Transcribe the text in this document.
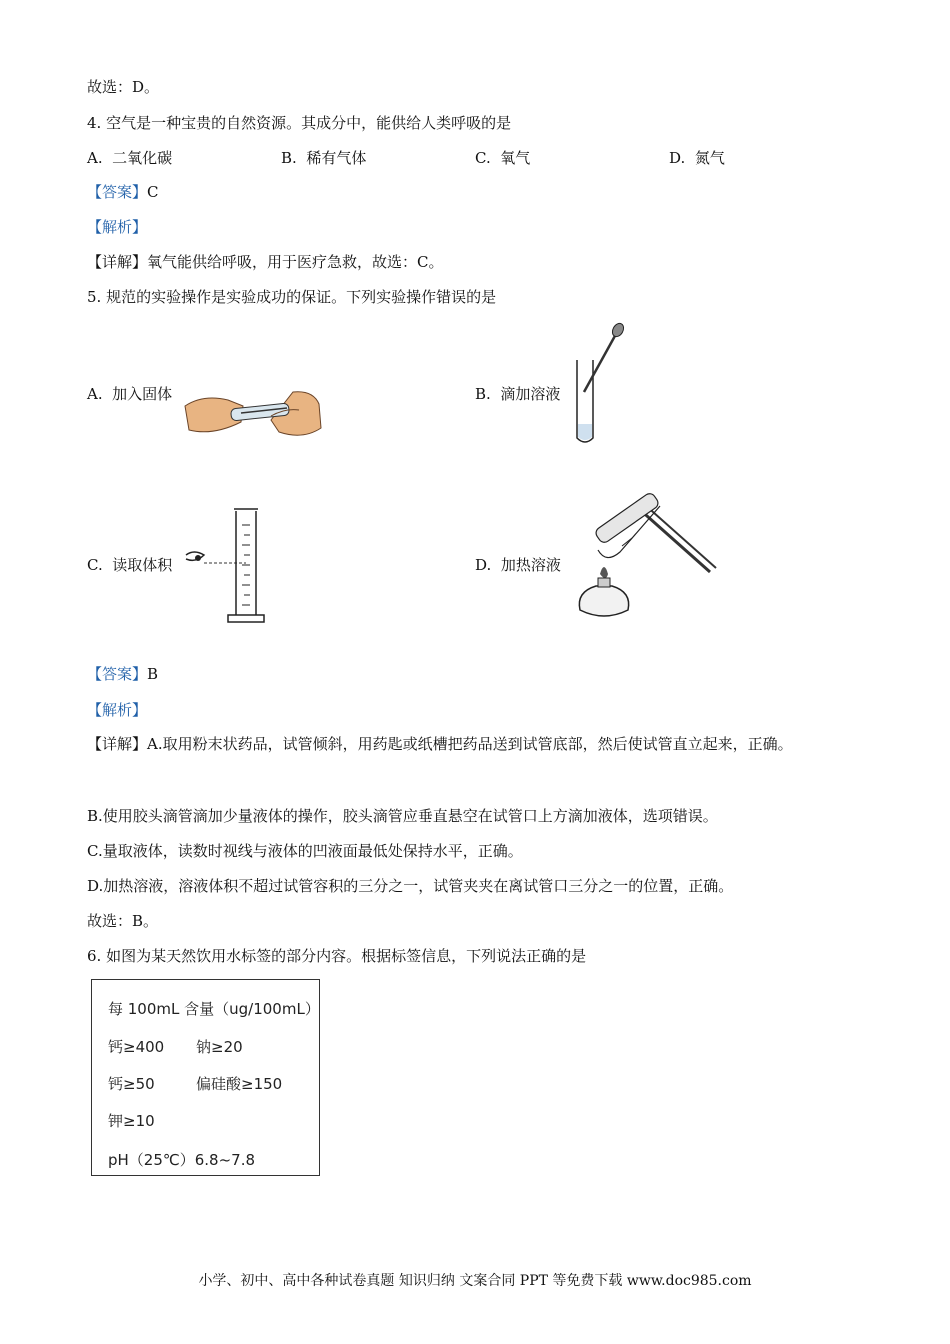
故选：D。
4. 空气是一种宝贵的自然资源。其成分中，能供给人类呼吸的是
A. 二氧化碳	B. 稀有气体	C. 氧气	D. 氮气
【答案】C
【解析】
【详解】氧气能供给呼吸，用于医疗急救，故选：C。
5. 规范的实验操作是实验成功的保证。下列实验操作错误的是
A. 加入固体	B. 滴加溶液
C. 读取体积	D. 加热溶液
【答案】B
【解析】
【详解】A.取用粉末状药品，试管倾斜，用药匙或纸槽把药品送到试管底部，然后使试管直立起来，正确。
B.使用胶头滴管滴加少量液体的操作，胶头滴管应垂直悬空在试管口上方滴加液体，选项错误。
C.量取液体，读数时视线与液体的凹液面最低处保持水平，正确。
D.加热溶液，溶液体积不超过试管容积的三分之一，试管夹夹在离试管口三分之一的位置，正确。
故选：B。
6. 如图为某天然饮用水标签的部分内容。根据标签信息，下列说法正确的是
每 100mL 含量（ug/100mL）
钙≥400 钠≥20
钙≥50	偏硅酸≥150
钾≥10
pH（25℃）6.8~7.8
小学、初中、高中各种试卷真题 知识归纳 文案合同 PPT 等免费下载 www.doc985.com
